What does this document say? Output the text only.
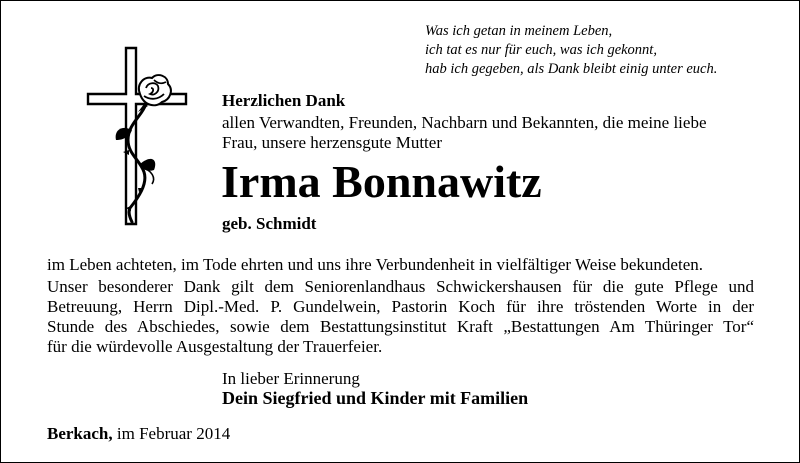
Was ich getan in meinem Leben,
ich tat es nur für euch, was ich gekonnt,
hab ich gegeben, als Dank bleibt einig unter euch.
Herzlichen Dank
allen Verwandten, Freunden, Nachbarn und Bekannten, die meine liebe
Frau, unsere herzensgute Mutter
Irma Bonnawitz
geb. Schmidt
im Leben achteten, im Tode ehrten und uns ihre Verbundenheit in vielfältiger Weise bekundeten.
Unser besonderer Dank gilt dem Seniorenlandhaus Schwickershausen für die gute Pflege und
Betreuung, Herrn Dipl.-Med. P. Gundelwein, Pastorin Koch für ihre tröstenden Worte in der
Stunde des Abschiedes, sowie dem Bestattungsinstitut Kraft „Bestattungen Am Thüringer Tor“
für die würdevolle Ausgestaltung der Trauerfeier.
In lieber Erinnerung
Dein Siegfried und Kinder mit Familien
Berkach, im Februar 2014
